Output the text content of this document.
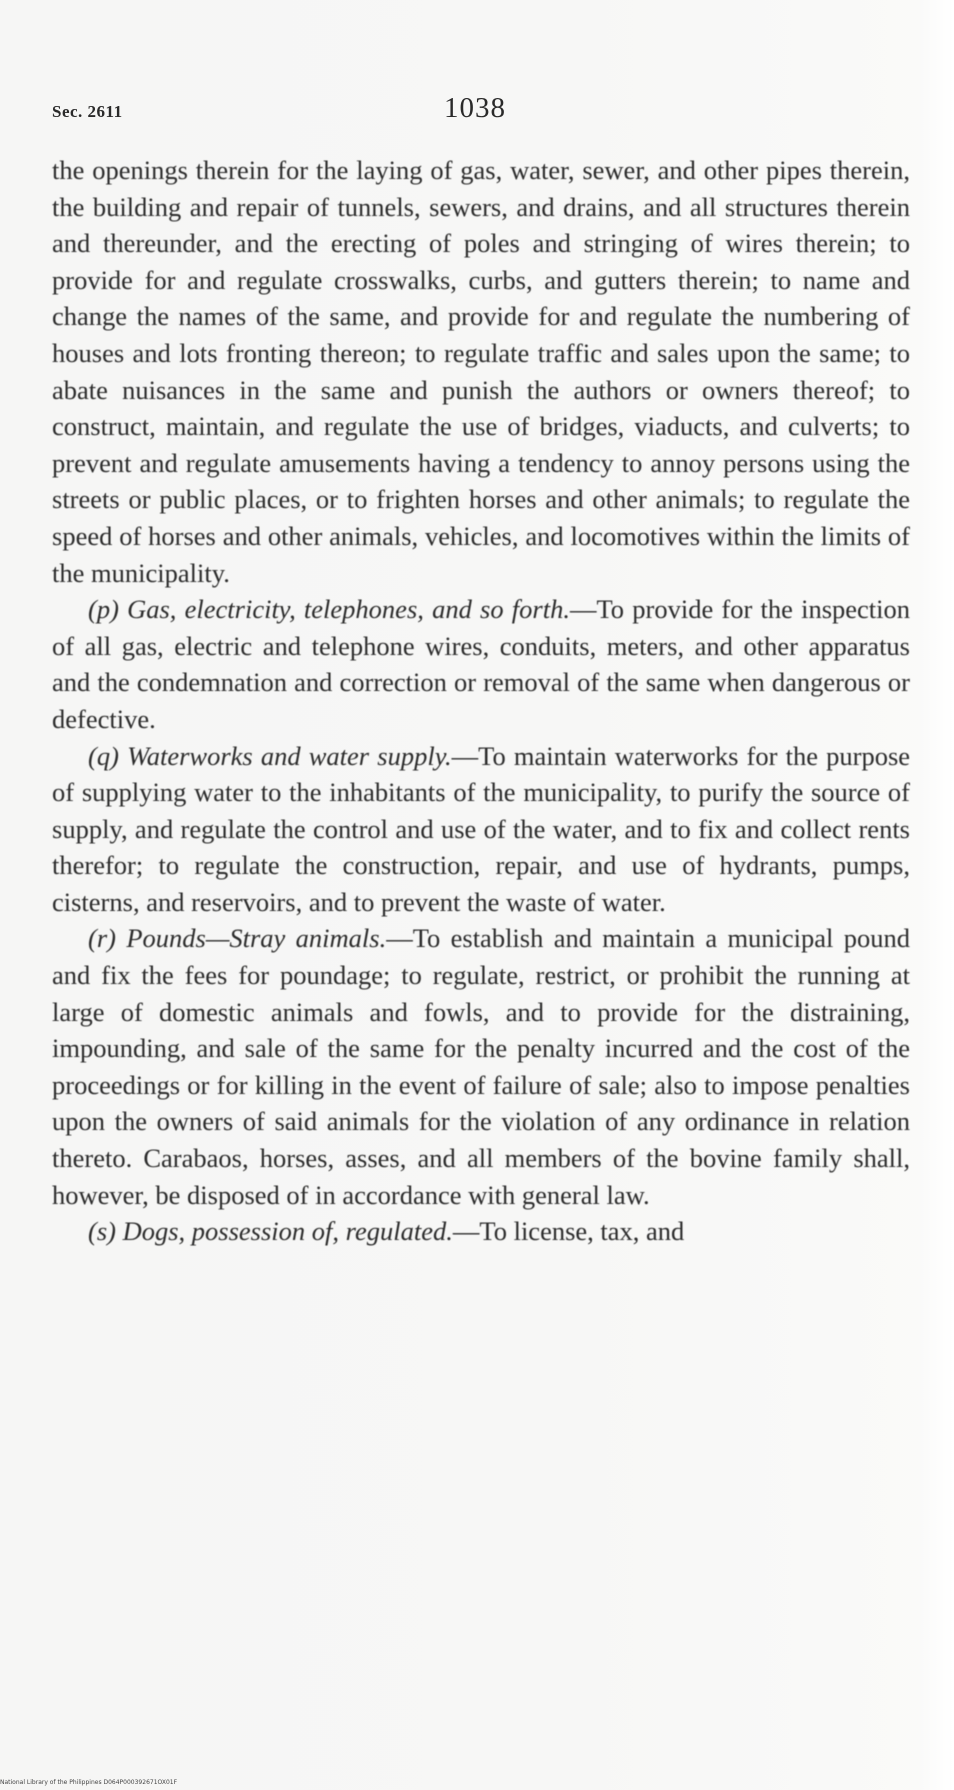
Sec. 2611	1038

the openings therein for the laying of gas, water, sewer, and other pipes therein, the building and repair of tunnels, sewers, and drains, and all structures therein and thereunder, and the erecting of poles and stringing of wires therein; to provide for and regulate crosswalks, curbs, and gutters therein; to name and change the names of the same, and provide for and regulate the numbering of houses and lots fronting thereon; to regulate traffic and sales upon the same; to abate nuisances in the same and punish the authors or owners thereof; to construct, maintain, and regulate the use of bridges, viaducts, and culverts; to prevent and regulate amusements having a tendency to annoy persons using the streets or public places, or to frighten horses and other animals; to regulate the speed of horses and other animals, vehicles, and locomotives within the limits of the municipality.

(p) Gas, electricity, telephones, and so forth.—To provide for the inspection of all gas, electric and telephone wires, conduits, meters, and other apparatus and the condemnation and correction or removal of the same when dangerous or defective.

(q) Waterworks and water supply.—To maintain waterworks for the purpose of supplying water to the inhabitants of the municipality, to purify the source of supply, and regulate the control and use of the water, and to fix and collect rents therefor; to regulate the construction, repair, and use of hydrants, pumps, cisterns, and reservoirs, and to prevent the waste of water.

(r) Pounds—Stray animals.—To establish and maintain a municipal pound and fix the fees for poundage; to regulate, restrict, or prohibit the running at large of domestic animals and fowls, and to provide for the distraining, impounding, and sale of the same for the penalty incurred and the cost of the proceedings or for killing in the event of failure of sale; also to impose penalties upon the owners of said animals for the violation of any ordinance in relation thereto. Carabaos, horses, asses, and all members of the bovine family shall, however, be disposed of in accordance with general law.

(s) Dogs, possession of, regulated.—To license, tax, and

National Library of the Philippines D064P000392671OX01F
